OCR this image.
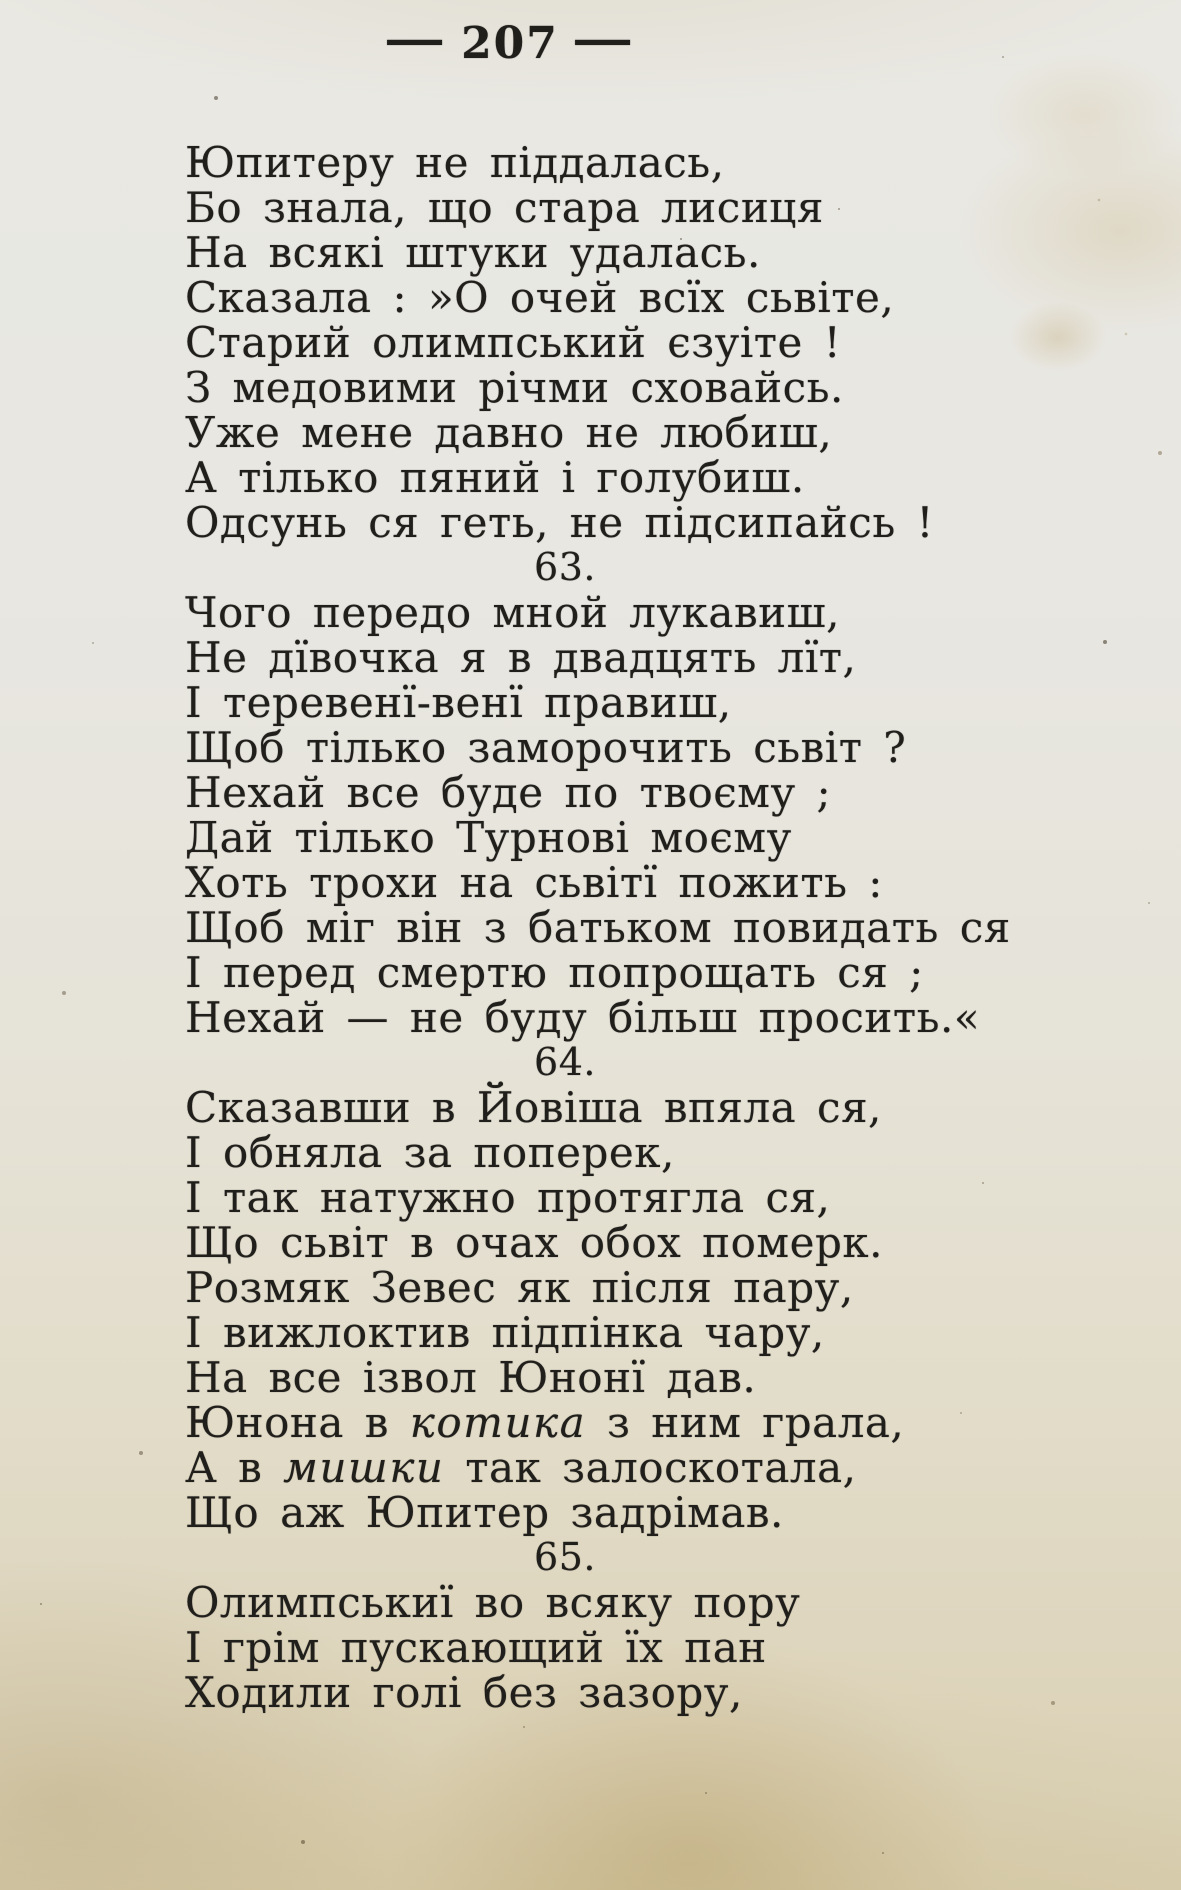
— 207 —
Юпитеру не піддалась,
Бо знала, що стара лисиця
На всякі штуки удалась.
Сказала : »О очей всїх сьвіте,
Старий олимпський єзуіте !
З медовими річми сховайсь.
Уже мене давно не любиш,
А тілько пяний і голубиш.
Одсунь ся геть, не підсипайсь !
63.
Чого передо мной лукавиш,
Не дївочка я в двадцять лїт,
І теревенї-венї правиш,
Щоб тілько заморочить сьвіт ?
Нехай все буде по твоєму ;
Дай тілько Турнові моєму
Хоть трохи на сьвітї пожить :
Щоб міг він з батьком повидать ся
І перед смертю попрощать ся ;
Нехай — не буду більш просить.«
64.
Сказавши в Йовіша впяла ся,
І обняла за поперек,
І так натужно протягла ся,
Що сьвіт в очах обох померк.
Розмяк Зевес як після пару,
І вижлоктив підпінка чару,
На все ізвол Юнонї дав.
Юнона в котика з ним грала,
А в мишки так залоскотала,
Що аж Юпитер задрімав.
65.
Олимпськиї во всяку пору
І грім пускающий їх пан
Ходили голі без зазору,
